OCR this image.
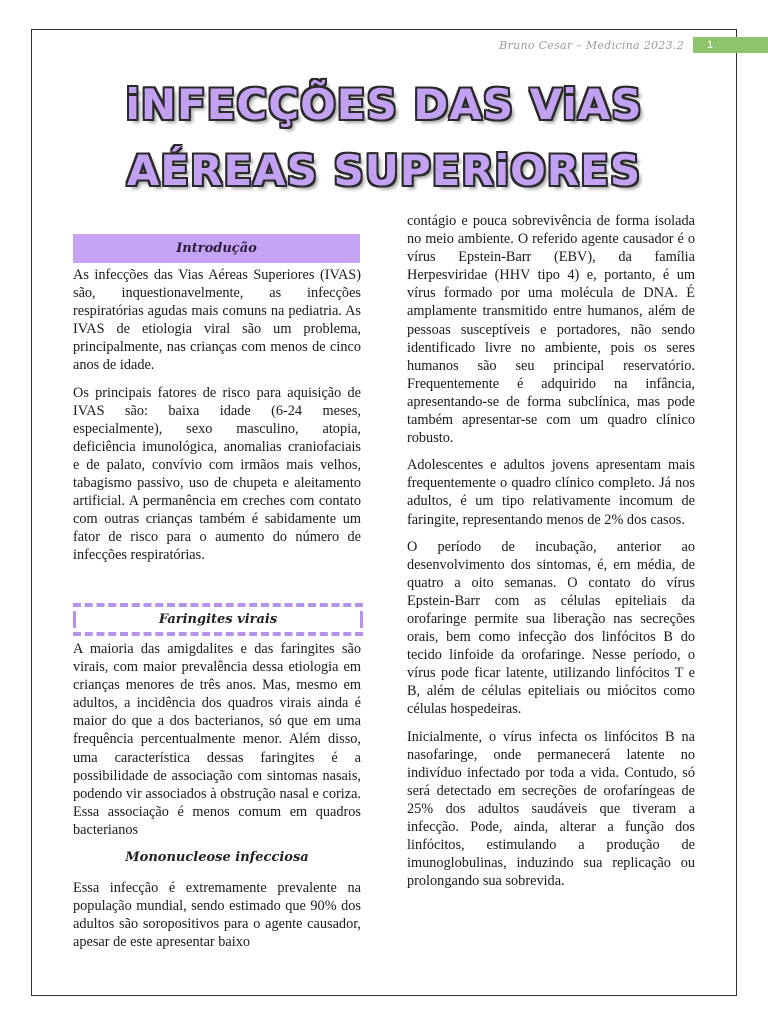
Bruno Cesar – Medicina 2023.2	1
iNFECÇÕES DAS ViAS
AÉREAS SUPERiORES
Introdução

As infecções das Vias Aéreas Superiores (IVAS) são, inquestionavelmente, as infecções respiratórias agudas mais comuns na pediatria. As IVAS de etiologia viral são um problema, principalmente, nas crianças com menos de cinco anos de idade.

Os principais fatores de risco para aquisição de IVAS são: baixa idade (6-24 meses, especialmente), sexo masculino, atopia, deficiência imunológica, anomalias craniofaciais e de palato, convívio com irmãos mais velhos, tabagismo passivo, uso de chupeta e aleitamento artificial. A permanência em creches com contato com outras crianças também é sabidamente um fator de risco para o aumento do número de infecções respiratórias.

Faringites virais

A maioria das amigdalites e das faringites são virais, com maior prevalência dessa etiologia em crianças menores de três anos. Mas, mesmo em adultos, a incidência dos quadros virais ainda é maior do que a dos bacterianos, só que em uma frequência percentualmente menor. Além disso, uma característica dessas faringites é a possibilidade de associação com sintomas nasais, podendo vir associados à obstrução nasal e coriza. Essa associação é menos comum em quadros bacterianos

Mononucleose infecciosa

Essa infecção é extremamente prevalente na população mundial, sendo estimado que 90% dos adultos são soropositivos para o agente causador, apesar de este apresentar baixo

contágio e pouca sobrevivência de forma isolada no meio ambiente. O referido agente causador é o vírus Epstein-Barr (EBV), da família Herpesviridae (HHV tipo 4) e, portanto, é um vírus formado por uma molécula de DNA. É amplamente transmitido entre humanos, além de pessoas susceptíveis e portadores, não sendo identificado livre no ambiente, pois os seres humanos são seu principal reservatório. Frequentemente é adquirido na infância, apresentando-se de forma subclínica, mas pode também apresentar-se com um quadro clínico robusto.

Adolescentes e adultos jovens apresentam mais frequentemente o quadro clínico completo. Já nos adultos, é um tipo relativamente incomum de faringite, representando menos de 2% dos casos.

O período de incubação, anterior ao desenvolvimento dos sintomas, é, em média, de quatro a oito semanas. O contato do vírus Epstein-Barr com as células epiteliais da orofaringe permite sua liberação nas secreções orais, bem como infecção dos linfócitos B do tecido linfoide da orofaringe. Nesse período, o vírus pode ficar latente, utilizando linfócitos T e B, além de células epiteliais ou miócitos como células hospedeiras.

Inicialmente, o vírus infecta os linfócitos B na nasofaringe, onde permanecerá latente no indivíduo infectado por toda a vida. Contudo, só será detectado em secreções de orofaríngeas de 25% dos adultos saudáveis que tiveram a infecção. Pode, ainda, alterar a função dos linfócitos, estimulando a produção de imunoglobulinas, induzindo sua replicação ou prolongando sua sobrevida.
